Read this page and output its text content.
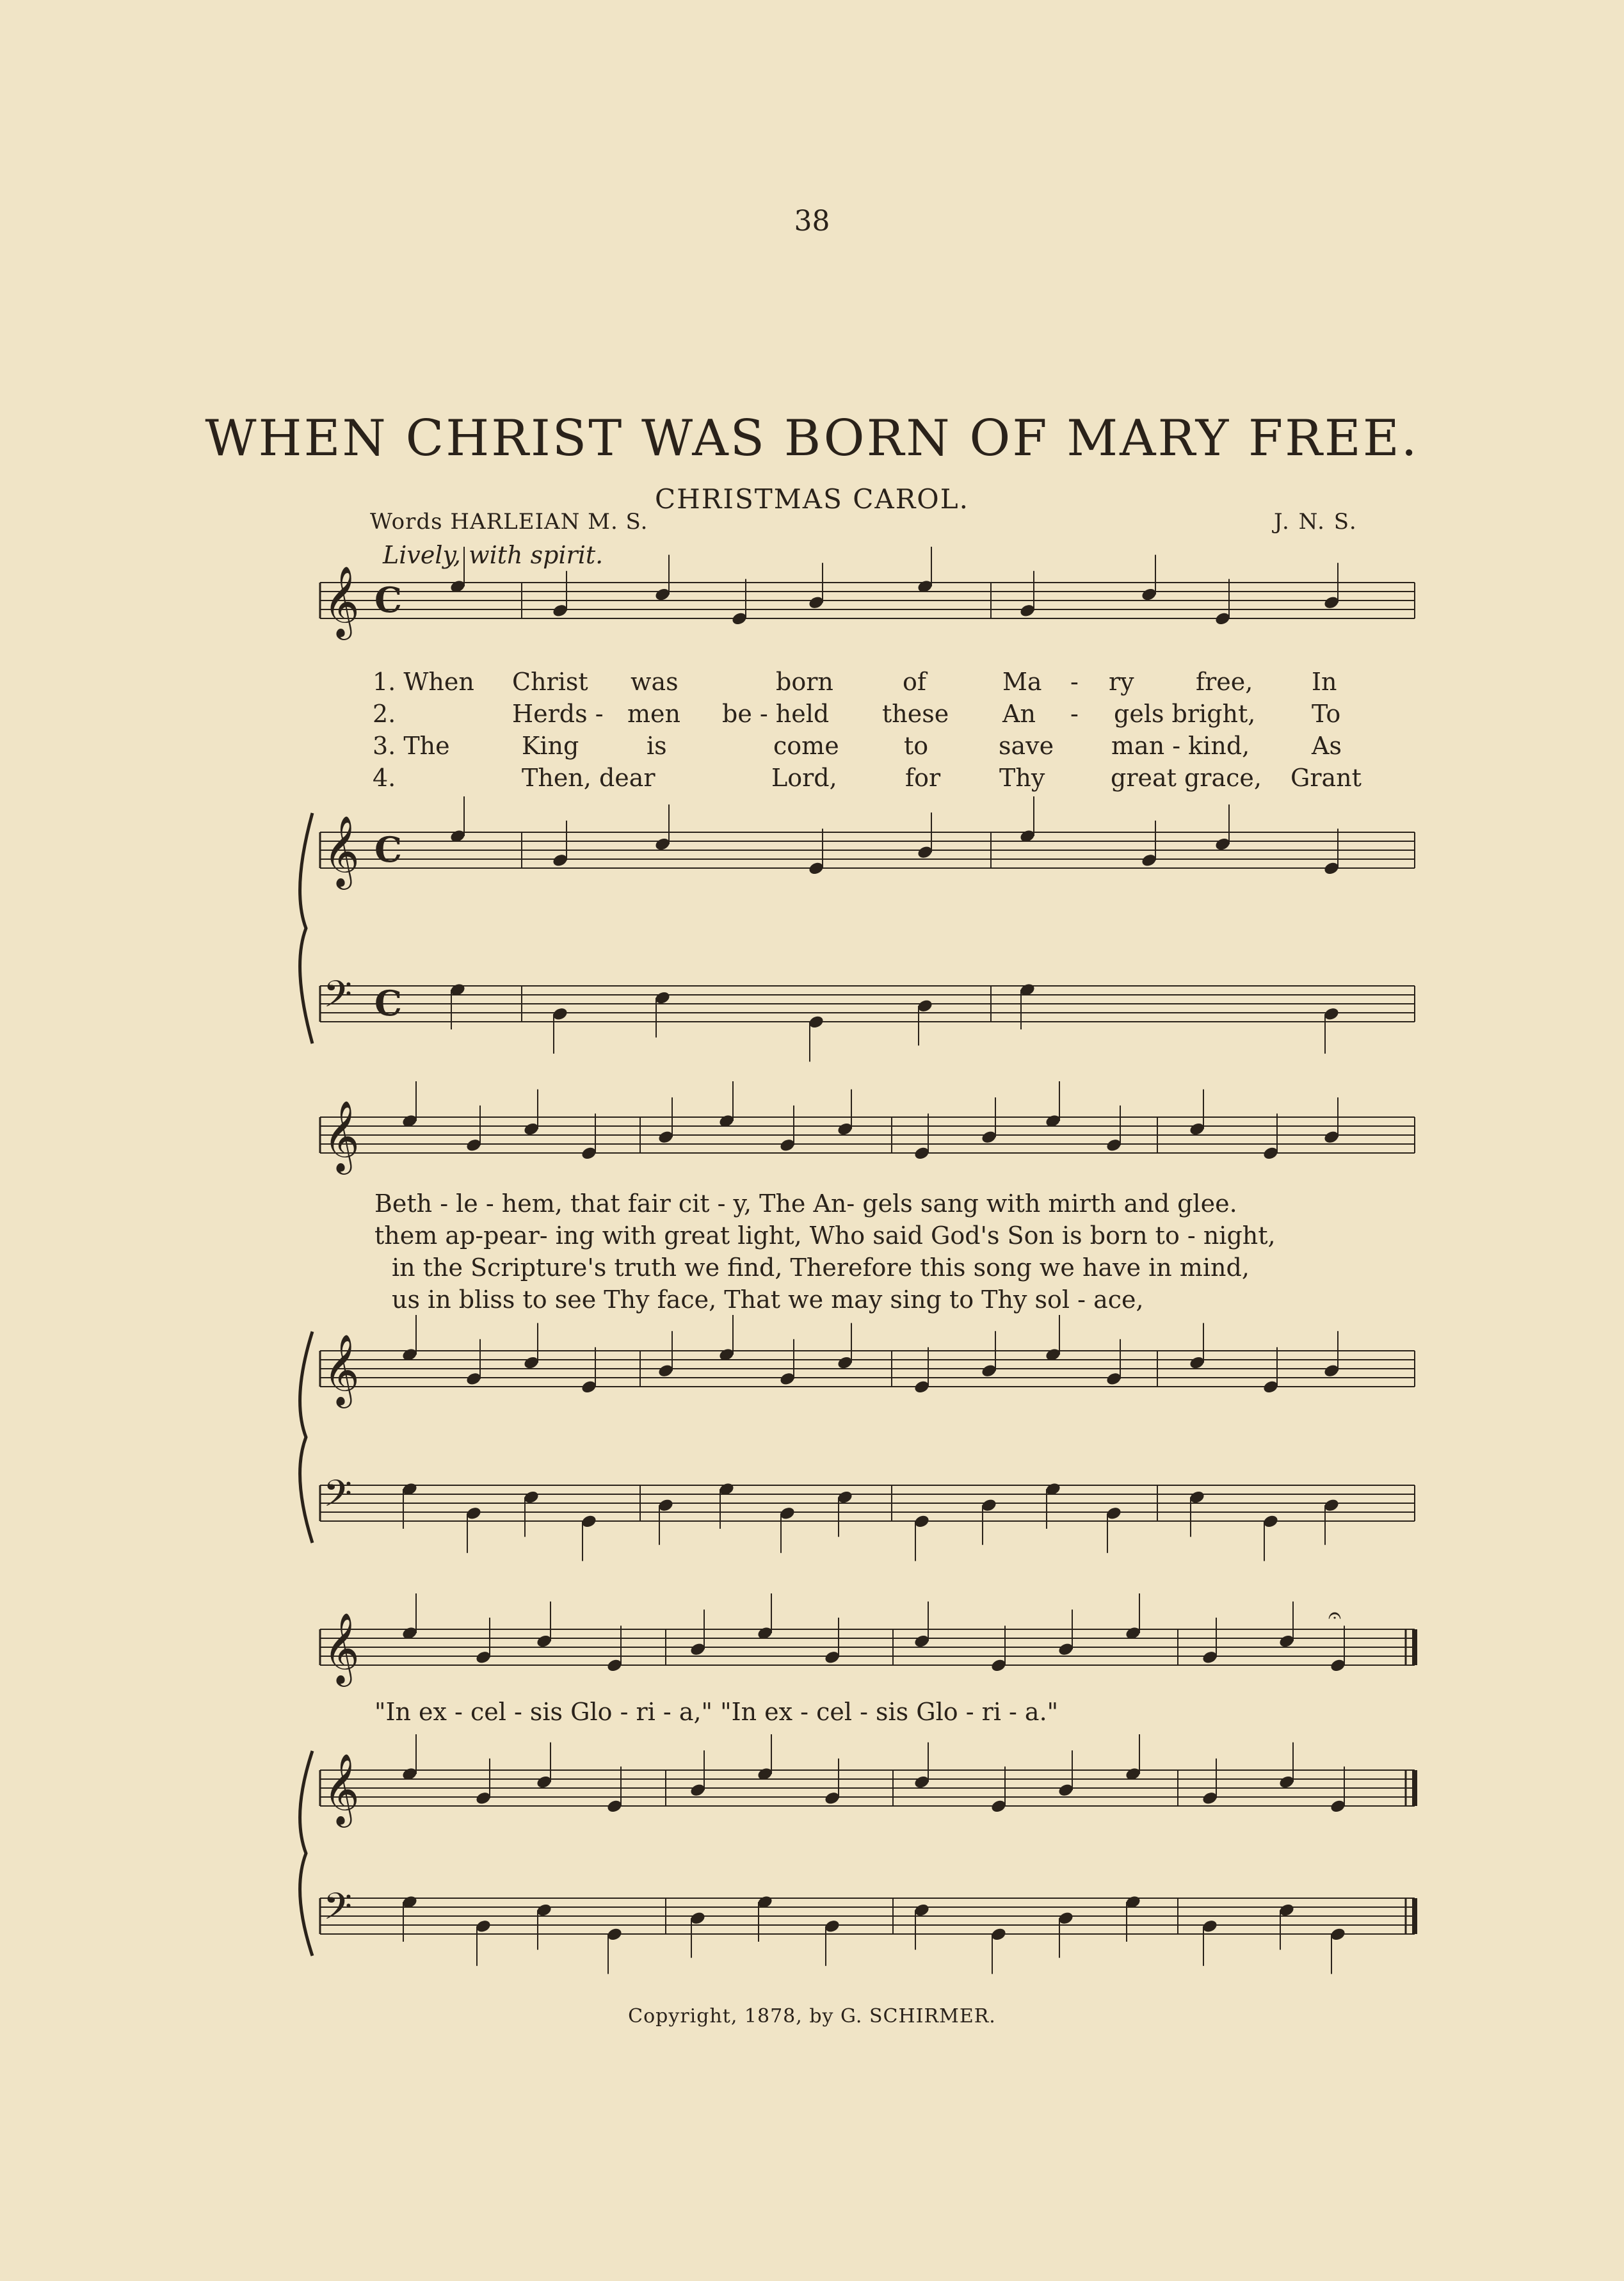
38
WHEN CHRIST WAS BORN OF MARY FREE.
CHRISTMAS CAROL.
Words HARLEIAN M. S.	J. N. S.
Lively, with spirit.
𝄞 C
𝄞 C
𝄢 C
𝄞
𝄞
𝄢
𝄞
𝄞
𝄢
𝄐
1. When Christ was	born	of	Ma - ry	free, In
2.	Herds - men be - held these An - gels bright, To
3. The	King	is	come	to	save man - kind,	As
4.	Then, dear	Lord,	for Thy	great grace, Grant
Beth - le - hem, that fair cit - y, The An- gels sang with mirth and glee.
them ap-pear- ing with great light, Who said God's Son is born to - night,
in the Scripture's truth we find, Therefore this song we have in mind,
us in bliss to see Thy face, That we may sing to Thy sol - ace,
"In ex - cel - sis Glo - ri - a," "In ex - cel - sis Glo - ri - a."
Copyright, 1878, by G. SCHIRMER.
